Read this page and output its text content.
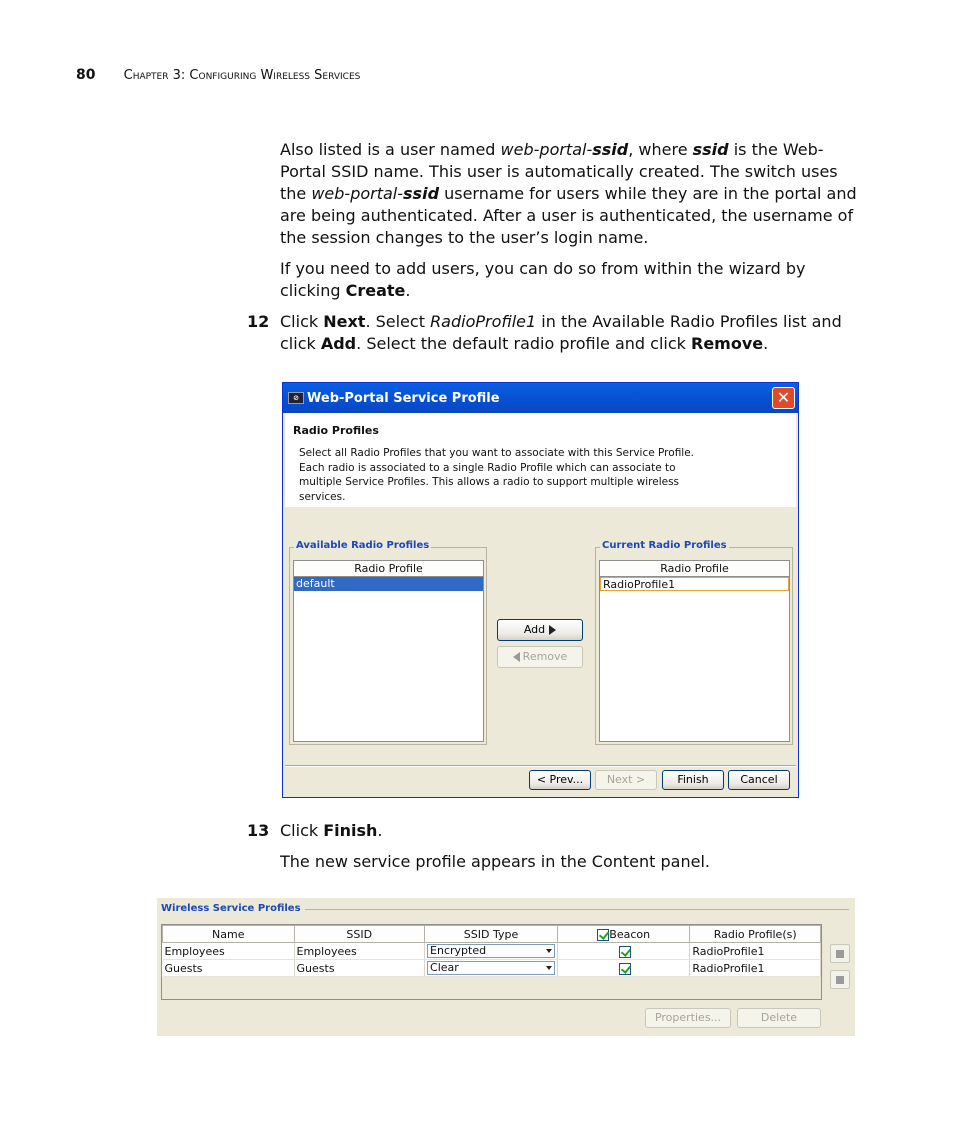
80 Chapter 3: Configuring Wireless Services
Also listed is a user named web-portal-ssid, where ssid is the Web-Portal SSID name. This user is automatically created. The switch uses the web-portal-ssid username for users while they are in the portal and are being authenticated. After a user is authenticated, the username of the session changes to the user’s login name.
If you need to add users, you can do so from within the wizard by clicking Create.
12 Click Next. Select RadioProfile1 in the Available Radio Profiles list and click Add. Select the default radio profile and click Remove.
⊘ Web-Portal Service Profile	✕
Radio Profiles
Select all Radio Profiles that you want to associate with this Service Profile. Each radio is associated to a single Radio Profile which can associate to multiple Service Profiles. This allows a radio to support multiple wireless services.
Available Radio Profiles
Radio Profile
default
Add
Remove
Current Radio Profiles
Radio Profile
RadioProfile1
< Prev...	Next >	Finish	Cancel
13 Click Finish.
The new service profile appears in the Content panel.
Wireless Service Profiles
Name	SSID	SSID Type	Beacon	Radio Profile(s)
Employees	Employees	Encrypted		RadioProfile1
Guests	Guests	Clear		RadioProfile1
Properties...	Delete
